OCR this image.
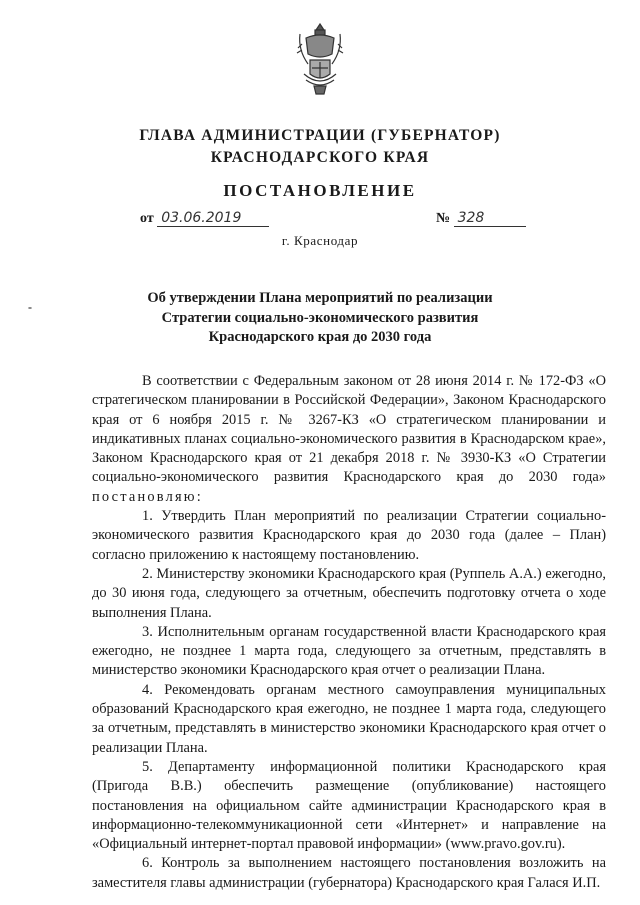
ГЛАВА АДМИНИСТРАЦИИ (ГУБЕРНАТОР)
КРАСНОДАРСКОГО КРАЯ
ПОСТАНОВЛЕНИЕ
от 03.06.2019	№ 328
г. Краснодар
-
Об утверждении Плана мероприятий по реализации
Стратегии социально-экономического развития
Краснодарского края до 2030 года

В соответствии с Федеральным законом от 28 июня 2014 г. № 172-ФЗ «О стратегическом планировании в Российской Федерации», Законом Краснодарского края от 6 ноября 2015 г. № 3267-КЗ «О стратегическом планировании и индикативных планах социально-экономического развития в Краснодарском крае», Законом Краснодарского края от 21 декабря 2018 г. № 3930-КЗ «О Стратегии социально-экономического развития Краснодарского края до 2030 года» постановляю:

1. Утвердить План мероприятий по реализации Стратегии социально-экономического развития Краснодарского края до 2030 года (далее – План) согласно приложению к настоящему постановлению.

2. Министерству экономики Краснодарского края (Руппель А.А.) ежегодно, до 30 июня года, следующего за отчетным, обеспечить подготовку отчета о ходе выполнения Плана.

3. Исполнительным органам государственной власти Краснодарского края ежегодно, не позднее 1 марта года, следующего за отчетным, представлять в министерство экономики Краснодарского края отчет о реализации Плана.

4. Рекомендовать органам местного самоуправления муниципальных образований Краснодарского края ежегодно, не позднее 1 марта года, следующего за отчетным, представлять в министерство экономики Краснодарского края отчет о реализации Плана.

5. Департаменту информационной политики Краснодарского края (Пригода В.В.) обеспечить размещение (опубликование) настоящего постановления на официальном сайте администрации Краснодарского края в информационно-телекоммуникационной сети «Интернет» и направление на «Официальный интернет-портал правовой информации» (www.pravo.gov.ru).

6. Контроль за выполнением настоящего постановления возложить на заместителя главы администрации (губернатора) Краснодарского края Галася И.П.
